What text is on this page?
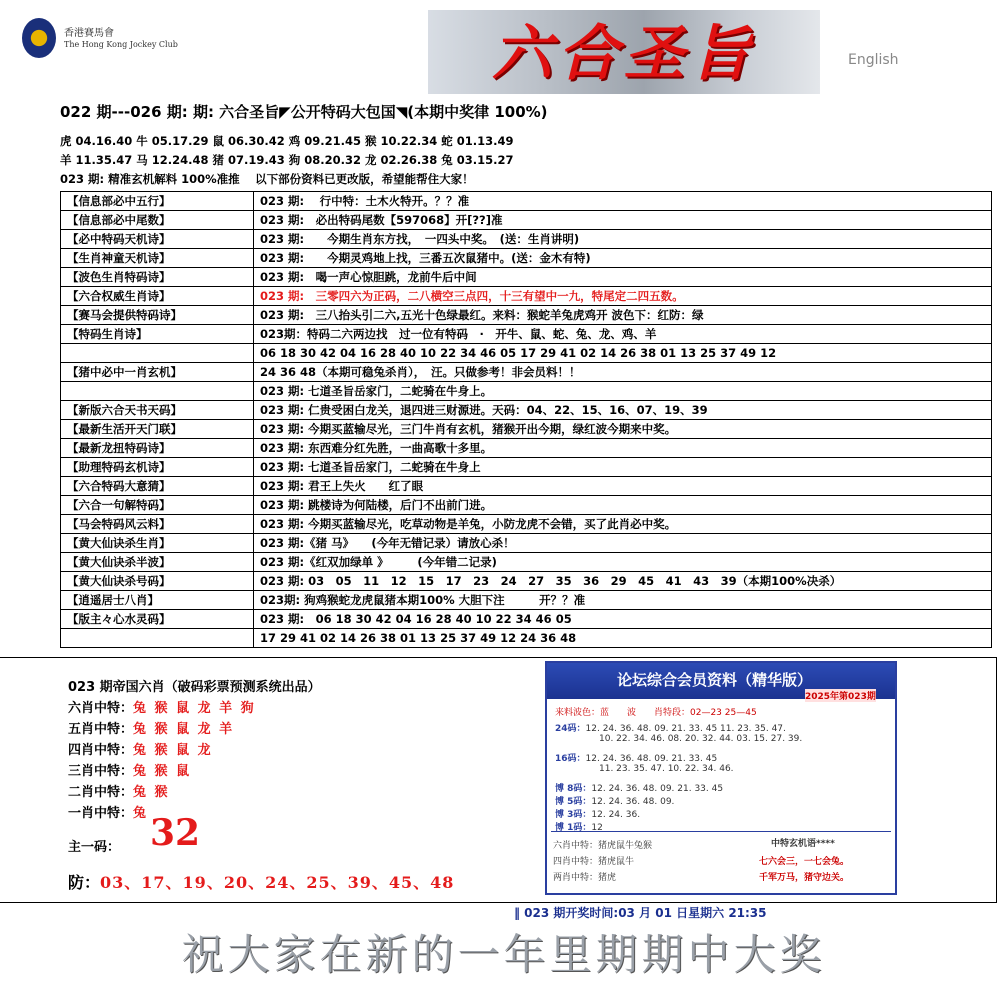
香港賽馬會
The Hong Kong Jockey Club	六合圣旨	English
022 期---026 期: 期: 六合圣旨◤公开特码大包国◥(本期中奖律 100%)
虎 04.16.40 牛 05.17.29 鼠 06.30.42 鸡 09.21.45 猴 10.22.34 蛇 01.13.49
羊 11.35.47 马 12.24.48 猪 07.19.43 狗 08.20.32 龙 02.26.38 兔 03.15.27
023 期: 精准玄机解料 100%准推　 以下部份资料已更改版，希望能帮住大家！
【信息部必中五行】	023 期:　 行中特：土木火特开。？？准
【信息部必中尾数】	023 期:　必出特码尾数【597068】开[??]准
【必中特码天机诗】	023 期:　　今期生肖东方找，　一四头中奖。　(送：生肖讲明)
【生肖神童天机诗】	023 期:　　今期灵鸡地上找，三番五次鼠猪中。(送：金木有特)
【波色生肖特码诗】	023 期:　喝一声心惊胆跳，龙前牛后中间
【六合权威生肖诗】	023 期:　三零四六为正码，二八横空三点四，十三有望中一九，特尾定二四五数。
【赛马会提供特码诗】	023 期:　三八抬头引二六,五光十色绿最红。来料：猴蛇羊兔虎鸡开 波色下：红防：绿
【特码生肖诗】	023期：特码二六两边找　过一位有特码　·　开牛、鼠、蛇、兔、龙、鸡、羊
	06 18 30 42 04 16 28 40 10 22 34 46 05 17 29 41 02 14 26 38 01 13 25 37 49 12
【猪中必中一肖玄机】	24 36 48（本期可稳兔杀肖），　汪。只做参考！非会员料！！
	023 期: 七道圣旨岳家门，二蛇骑在牛身上。
【新版六合天书天码】	023 期: 仁贵受困白龙关，退四进三财源进。天码：04、22、15、16、07、19、39
【最新生活开天门联】	023 期: 今期买蓝输尽光，三门牛肖有玄机，猪猴开出今期，绿红波今期来中奖。
【最新龙扭特码诗】	023 期: 东西难分红先胜，一曲高歌十多里。
【助理特码玄机诗】	023 期: 七道圣旨岳家门，二蛇骑在牛身上
【六合特码大意猜】	023 期: 君王上失火　　红了眼
【六合一句解特码】	023 期: 跳楼诗为何陆楼，后门不出前门进。
【马会特码风云料】	023 期: 今期买蓝输尽光，吃草动物是羊兔，小防龙虎不会错，买了此肖必中奖。
【黄大仙诀杀生肖】	023 期:《猪 马》　　(今年无错记录）请放心杀！
【黄大仙诀杀半波】	023 期:《红双加绿单 》　　　(今年错二记录)
【黄大仙诀杀号码】	023 期: 03　05　11　12　15　17　23　24　27　35　36　29　45　41　43　39（本期100%决杀）
【逍遥居士八肖】	023期: 狗鸡猴蛇龙虎鼠猪本期100% 大胆下注　　　开？？准
【版主々心水灵码】	023 期:　06 18 30 42 04 16 28 40 10 22 34 46 05
	17 29 41 02 14 26 38 01 13 25 37 49 12 24 36 48
023 期帝国六肖（破码彩票预测系统出品）
六肖中特：兔 猴 鼠 龙 羊 狗
五肖中特：兔 猴 鼠 龙 羊
四肖中特：兔 猴 鼠 龙
三肖中特：兔 猴 鼠
二肖中特：兔 猴
一肖中特：兔
主一码： 32
防：03、17、19、20、24、25、39、45、48
论坛综合会员资料（精华版）
2025年第023期
来料波色：蓝　　波　　肖特段：02—23 25—45
24码：12. 24. 36. 48. 09. 21. 33. 45 11. 23. 35. 47.
10. 22. 34. 46. 08. 20. 32. 44. 03. 15. 27. 39.
16码：12. 24. 36. 48. 09. 21. 33. 45
11. 23. 35. 47. 10. 22. 34. 46.
博 8码：12. 24. 36. 48. 09. 21. 33. 45
博 5码：12. 24. 36. 48. 09.
博 3码：12. 24. 36.
博 1码：12
六肖中特：猪虎鼠牛兔猴
四肖中特：猪虎鼠牛
两肖中特：猪虎
中特玄机语****
七六会三，一七会兔。
千军万马，猪守边关。
‖ 023 期开奖时间:03 月 01 日星期六 21:35
祝大家在新的一年里期期中大奖
